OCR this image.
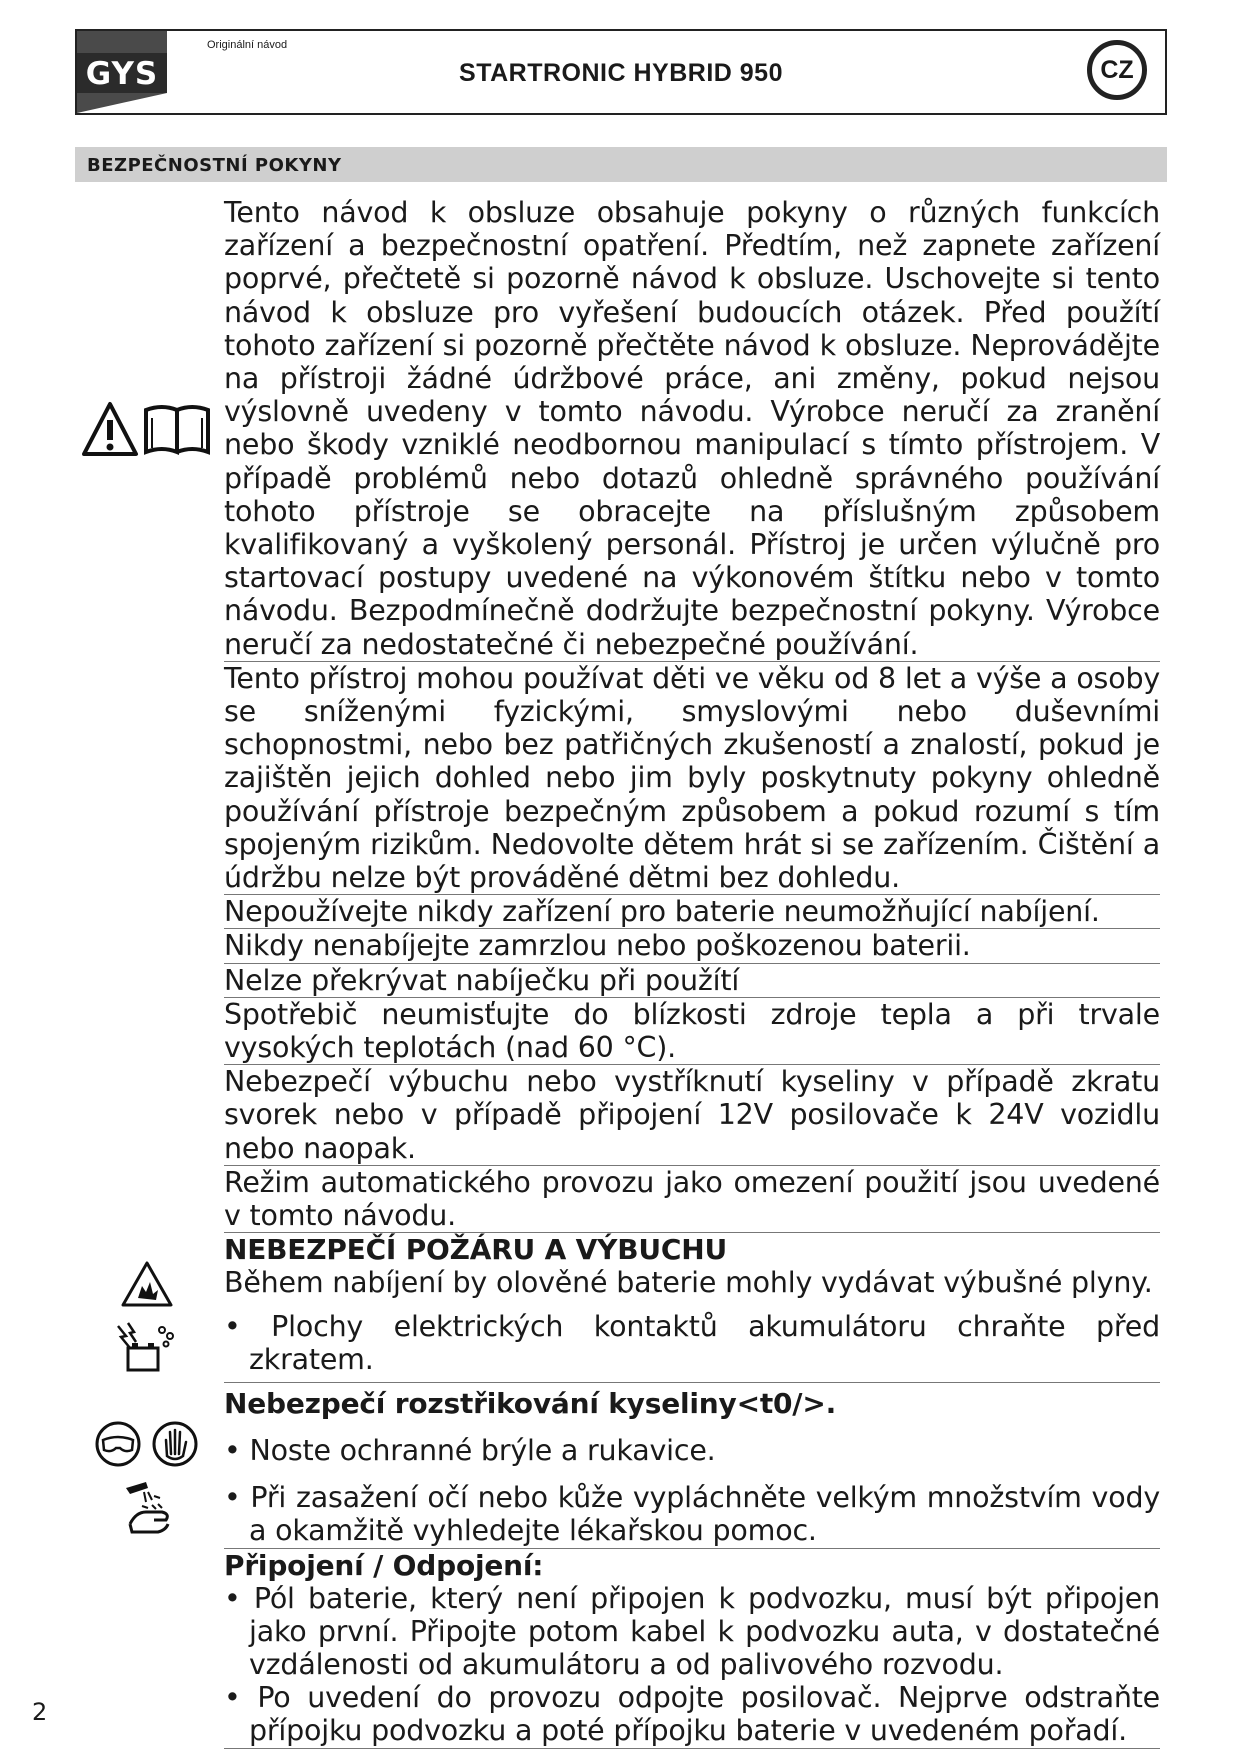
GYS
Originální návod
STARTRONIC HYBRID 950	CZ
BEZPEČNOSTNÍ POKYNY
Tento návod k obsluze obsahuje pokyny o různých funkcích zařízení a bezpečnostní opatření. Předtím, než zapnete zařízení poprvé, přečtetě si pozorně návod k obsluze. Uschovejte si tento návod k obsluze pro vyřešení budoucích otázek. Před použítí tohoto zařízení si pozorně přečtěte návod k obsluze. Neprovádějte na přístroji žádné údržbové práce, ani změny, pokud nejsou výslovně uvedeny v tomto návodu. Výrobce neručí za zranění nebo škody vzniklé neodbornou manipulací s tímto přístrojem. V případě problémů nebo dotazů ohledně správného používání tohoto přístroje se obracejte na příslušným způsobem kvalifikovaný a vyškolený personál. Přístroj je určen výlučně pro startovací postupy uvedené na výkonovém štítku nebo v tomto návodu. Bezpodmínečně dodržujte bezpečnostní pokyny. Výrobce neručí za nedostatečné či nebezpečné používání.
Tento přístroj mohou používat děti ve věku od 8 let a výše a osoby se sníženými fyzickými, smyslovými nebo duševními schopnostmi, nebo bez patřičných zkušeností a znalostí, pokud je zajištěn jejich dohled nebo jim byly poskytnuty pokyny ohledně používání přístroje bezpečným způsobem a pokud rozumí s tím spojeným rizikům. Nedovolte dětem hrát si se zařízením. Čištění a údržbu nelze být prováděné dětmi bez dohledu.
Nepoužívejte nikdy zařízení pro baterie neumožňující nabíjení.
Nikdy nenabíjejte zamrzlou nebo poškozenou baterii.
Nelze překrývat nabíječku při použítí
Spotřebič neumisťujte do blízkosti zdroje tepla a při trvale vysokých teplotách (nad 60 °C).
Nebezpečí výbuchu nebo vystříknutí kyseliny v případě zkratu svorek nebo v případě připojení 12V posilovače k 24V vozidlu nebo naopak.
Režim automatického provozu jako omezení použití jsou uvedené v tomto návodu.
NEBEZPEČÍ POŽÁRU A VÝBUCHU
Během nabíjení by olověné baterie mohly vydávat výbušné plyny.
• Plochy elektrických kontaktů akumulátoru chraňte před zkratem.
Nebezpečí rozstřikování kyseliny<t0/>.
• Noste ochranné brýle a rukavice.
• Při zasažení očí nebo kůže vypláchněte velkým množstvím vody a okamžitě vyhledejte lékařskou pomoc.
Připojení / Odpojení:
• Pól baterie, který není připojen k podvozku, musí být připojen jako první. Připojte potom kabel k podvozku auta, v dostatečné vzdálenosti od akumulátoru a od palivového rozvodu.
• Po uvedení do provozu odpojte posilovač. Nejprve odstraňte přípojku podvozku a poté přípojku baterie v uvedeném pořadí.
2
